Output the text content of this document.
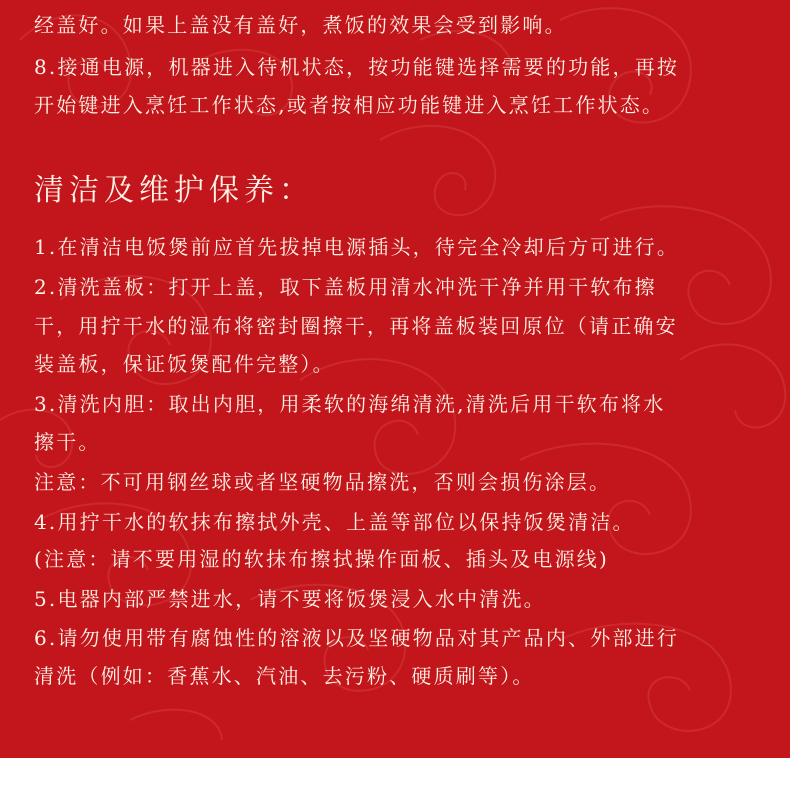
经盖好。如果上盖没有盖好，煮饭的效果会受到影响。
8.接通电源，机器进入待机状态，按功能键选择需要的功能，再按
开始键进入烹饪工作状态,或者按相应功能键进入烹饪工作状态。
清洁及维护保养：
1.在清洁电饭煲前应首先拔掉电源插头，待完全冷却后方可进行。
2.清洗盖板：打开上盖，取下盖板用清水冲洗干净并用干软布擦
干，用拧干水的湿布将密封圈擦干，再将盖板装回原位（请正确安
装盖板，保证饭煲配件完整）。
3.清洗内胆：取出内胆，用柔软的海绵清洗,清洗后用干软布将水
擦干。
注意：不可用钢丝球或者坚硬物品擦洗，否则会损伤涂层。
4.用拧干水的软抹布擦拭外壳、上盖等部位以保持饭煲清洁。
(注意：请不要用湿的软抹布擦拭操作面板、插头及电源线)
5.电器内部严禁进水，请不要将饭煲浸入水中清洗。
6.请勿使用带有腐蚀性的溶液以及坚硬物品对其产品内、外部进行
清洗（例如：香蕉水、汽油、去污粉、硬质刷等）。
